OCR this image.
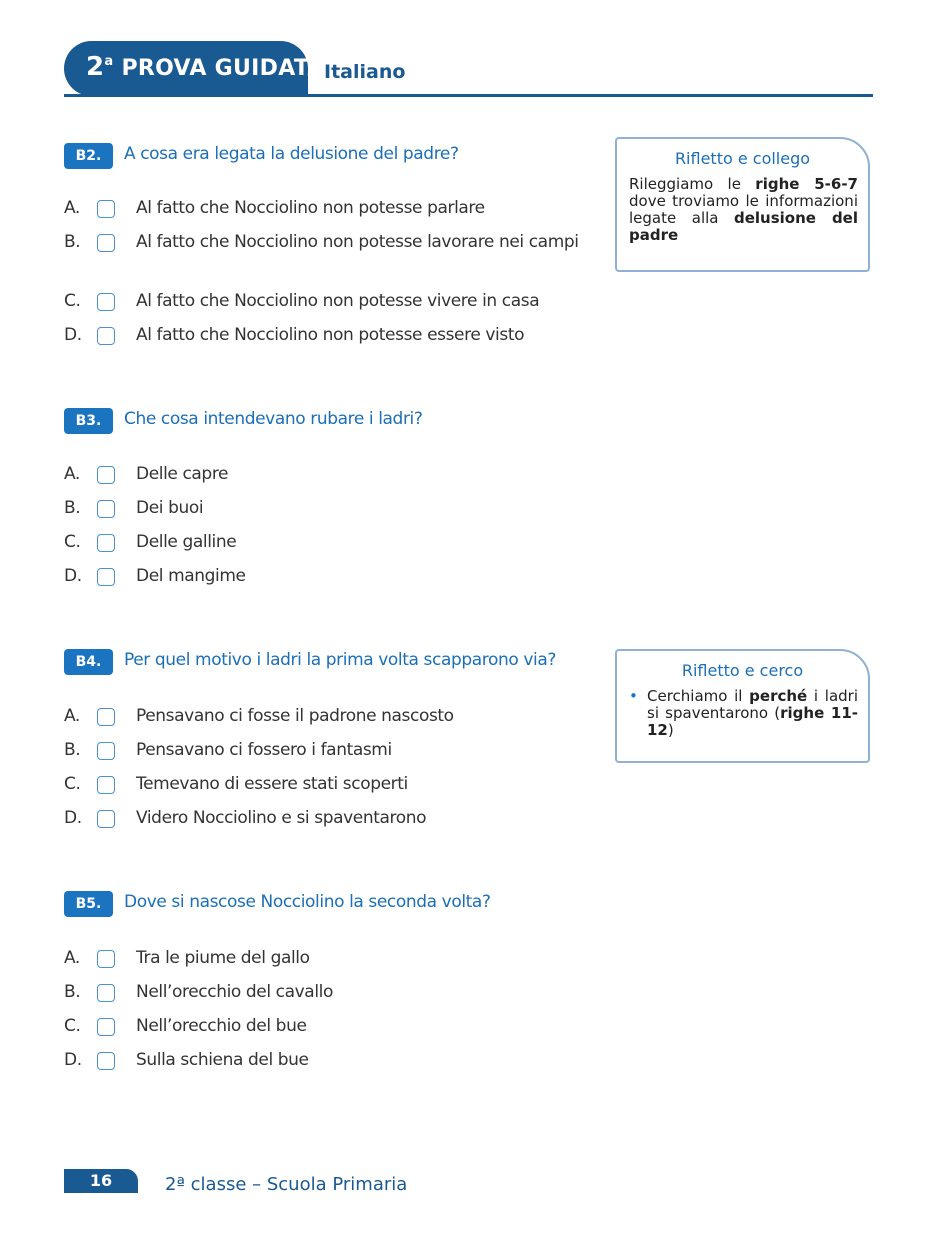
2$^a$ PROVA GUIDATA Italiano
B2.	A cosa era legata la delusione del padre?
A.	Al fatto che Nocciolino non potesse parlare
B.	Al fatto che Nocciolino non potesse lavorare nei campi
C.	Al fatto che Nocciolino non potesse vivere in casa
D.	Al fatto che Nocciolino non potesse essere visto
Rifletto e collego
Rileggiamo le righe 5-6-7 dove troviamo le informazioni legate alla delusione del padre
B3.	Che cosa intendevano rubare i ladri?
A.	Delle capre
B.	Dei buoi
C.	Delle galline
D.	Del mangime
B4.	Per quel motivo i ladri la prima volta scapparono via?
A.	Pensavano ci fosse il padrone nascosto
B.	Pensavano ci fossero i fantasmi
C.	Temevano di essere stati scoperti
D.	Videro Nocciolino e si spaventarono
Rifletto e cerco
• Cerchiamo il perché i ladri si spaventarono (righe 11-12)
B5.	Dove si nascose Nocciolino la seconda volta?
A.	Tra le piume del gallo
B.	Nell’orecchio del cavallo
C.	Nell’orecchio del bue
D.	Sulla schiena del bue
16	2ª classe – Scuola Primaria
